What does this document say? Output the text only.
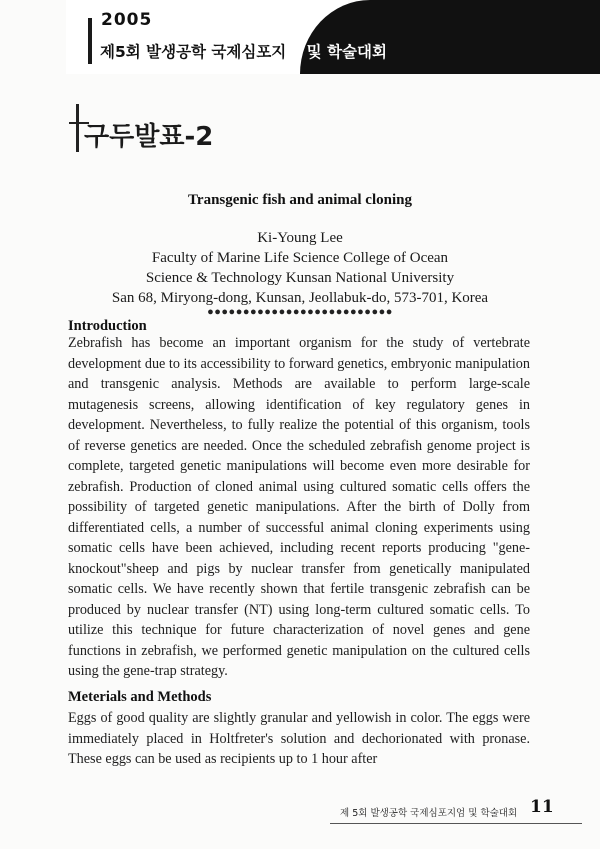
2005
제5회 발생공학 국제심포지엄 및 학술대회
구두발표-2
Transgenic fish and animal cloning
Ki-Young Lee
Faculty of Marine Life Science College of Ocean
Science & Technology Kunsan National University
San 68, Miryong-dong, Kunsan, Jeollabuk-do, 573-701, Korea
●●●●●●●●●●●●●●●●●●●●●●●●●●
Introduction
Zebrafish has become an important organism for the study of vertebrate development due to its accessibility to forward genetics, embryonic manipulation and transgenic analysis. Methods are available to perform large-scale mutagenesis screens, allowing identification of key regulatory genes in development. Nevertheless, to fully realize the potential of this organism, tools of reverse genetics are needed. Once the scheduled zebrafish genome project is complete, targeted genetic manipulations will become even more desirable for zebrafish. Production of cloned animal using cultured somatic cells offers the possibility of targeted genetic manipulations. After the birth of Dolly from differentiated cells, a number of successful animal cloning experiments using somatic cells have been achieved, including recent reports producing "gene-knockout"sheep and pigs by nuclear transfer from genetically manipulated somatic cells. We have recently shown that fertile transgenic zebrafish can be produced by nuclear transfer (NT) using long-term cultured somatic cells. To utilize this technique for future characterization of novel genes and gene functions in zebrafish, we performed genetic manipulation on the cultured cells using the gene-trap strategy.
Meterials and Methods
Eggs of good quality are slightly granular and yellowish in color. The eggs were immediately placed in Holtfreter's solution and dechorionated with pronase. These eggs can be used as recipients up to 1 hour after
제 5회 발생공학 국제심포지엄 및 학술대회 11
